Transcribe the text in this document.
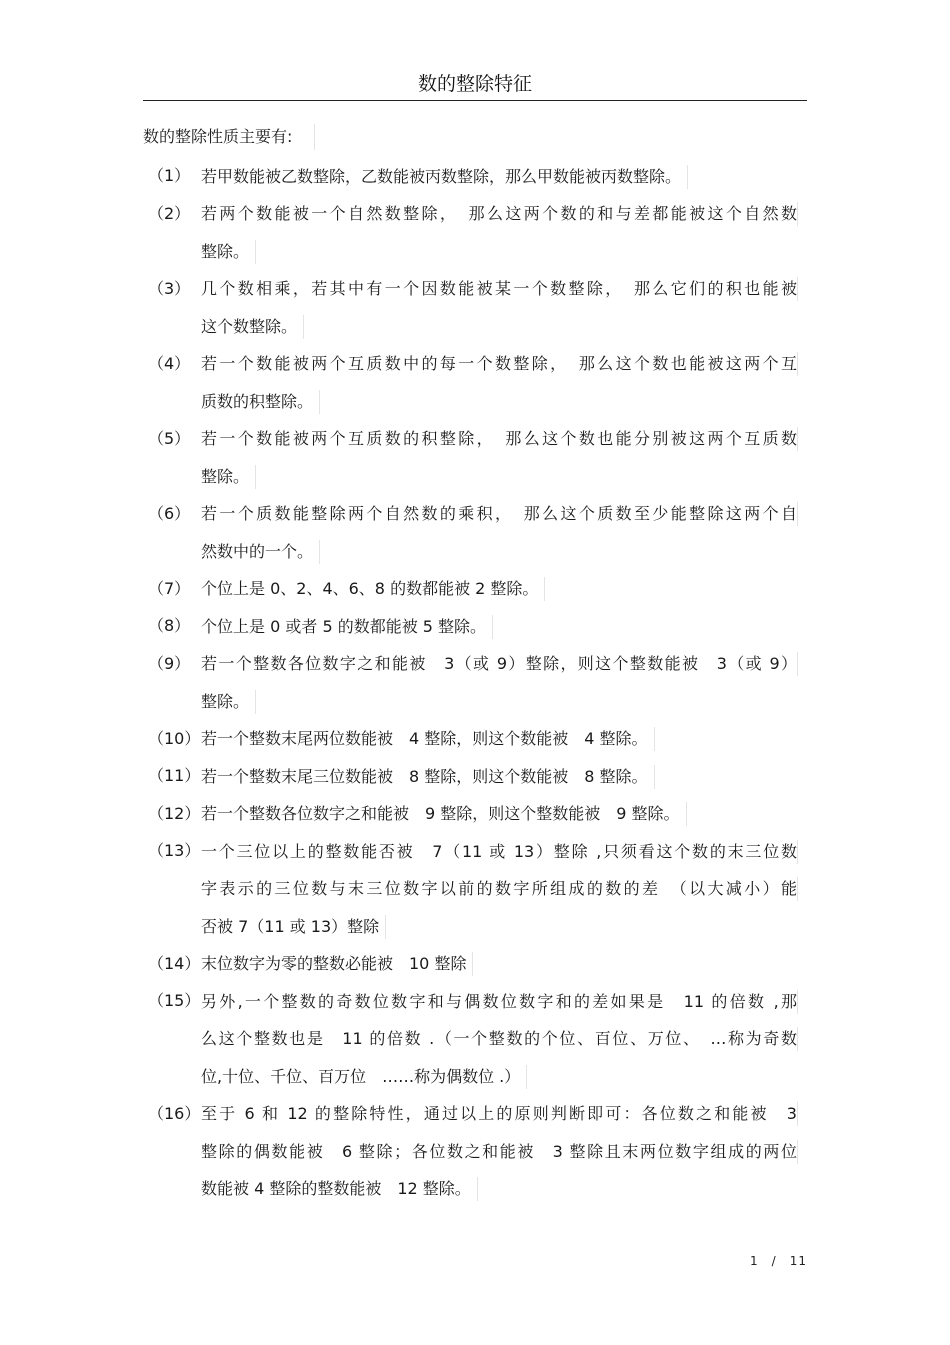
数的整除特征
数的整除性质主要有:
（1） 若甲数能被乙数整除，乙数能被丙数整除，那么甲数能被丙数整除。
（2） 若两个数能被一个自然数整除，　那么这两个数的和与差都能被这个自然数
整除。
（3） 几个数相乘，若其中有一个因数能被某一个数整除，　那么它们的积也能被
这个数整除。
（4） 若一个数能被两个互质数中的每一个数整除，　那么这个数也能被这两个互
质数的积整除。
（5） 若一个数能被两个互质数的积整除，　那么这个数也能分别被这两个互质数
整除。
（6） 若一个质数能整除两个自然数的乘积，　那么这个质数至少能整除这两个自
然数中的一个。
（7） 个位上是 0、2、4、6、8 的数都能被 2 整除。
（8） 个位上是 0 或者 5 的数都能被 5 整除。
（9） 若一个整数各位数字之和能被　3（或 9）整除，则这个整数能被　3（或 9）
整除。
（10） 若一个整数末尾两位数能被　4 整除，则这个数能被　4 整除。
（11） 若一个整数末尾三位数能被　8 整除，则这个数能被　8 整除。
（12） 若一个整数各位数字之和能被　9 整除，则这个整数能被　9 整除。
（13） 一个三位以上的整数能否被　7（11 或 13）整除 ,只须看这个数的末三位数
字表示的三位数与末三位数字以前的数字所组成的数的差　（以大减小）能
否被 7（11 或 13）整除
（14） 末位数字为零的整数必能被　10 整除
（15） 另外,一个整数的奇数位数字和与偶数位数字和的差如果是　11 的倍数 ,那
么这个整数也是　11 的倍数 .（一个整数的个位、百位、万位、　…称为奇数
位,十位、千位、百万位　……称为偶数位 .）
（16） 至于 6 和 12 的整除特性，通过以上的原则判断即可：各位数之和能被　3
整除的偶数能被　6 整除；各位数之和能被　3 整除且末两位数字组成的两位
数能被 4 整除的整数能被　12 整除。
1　/　11
